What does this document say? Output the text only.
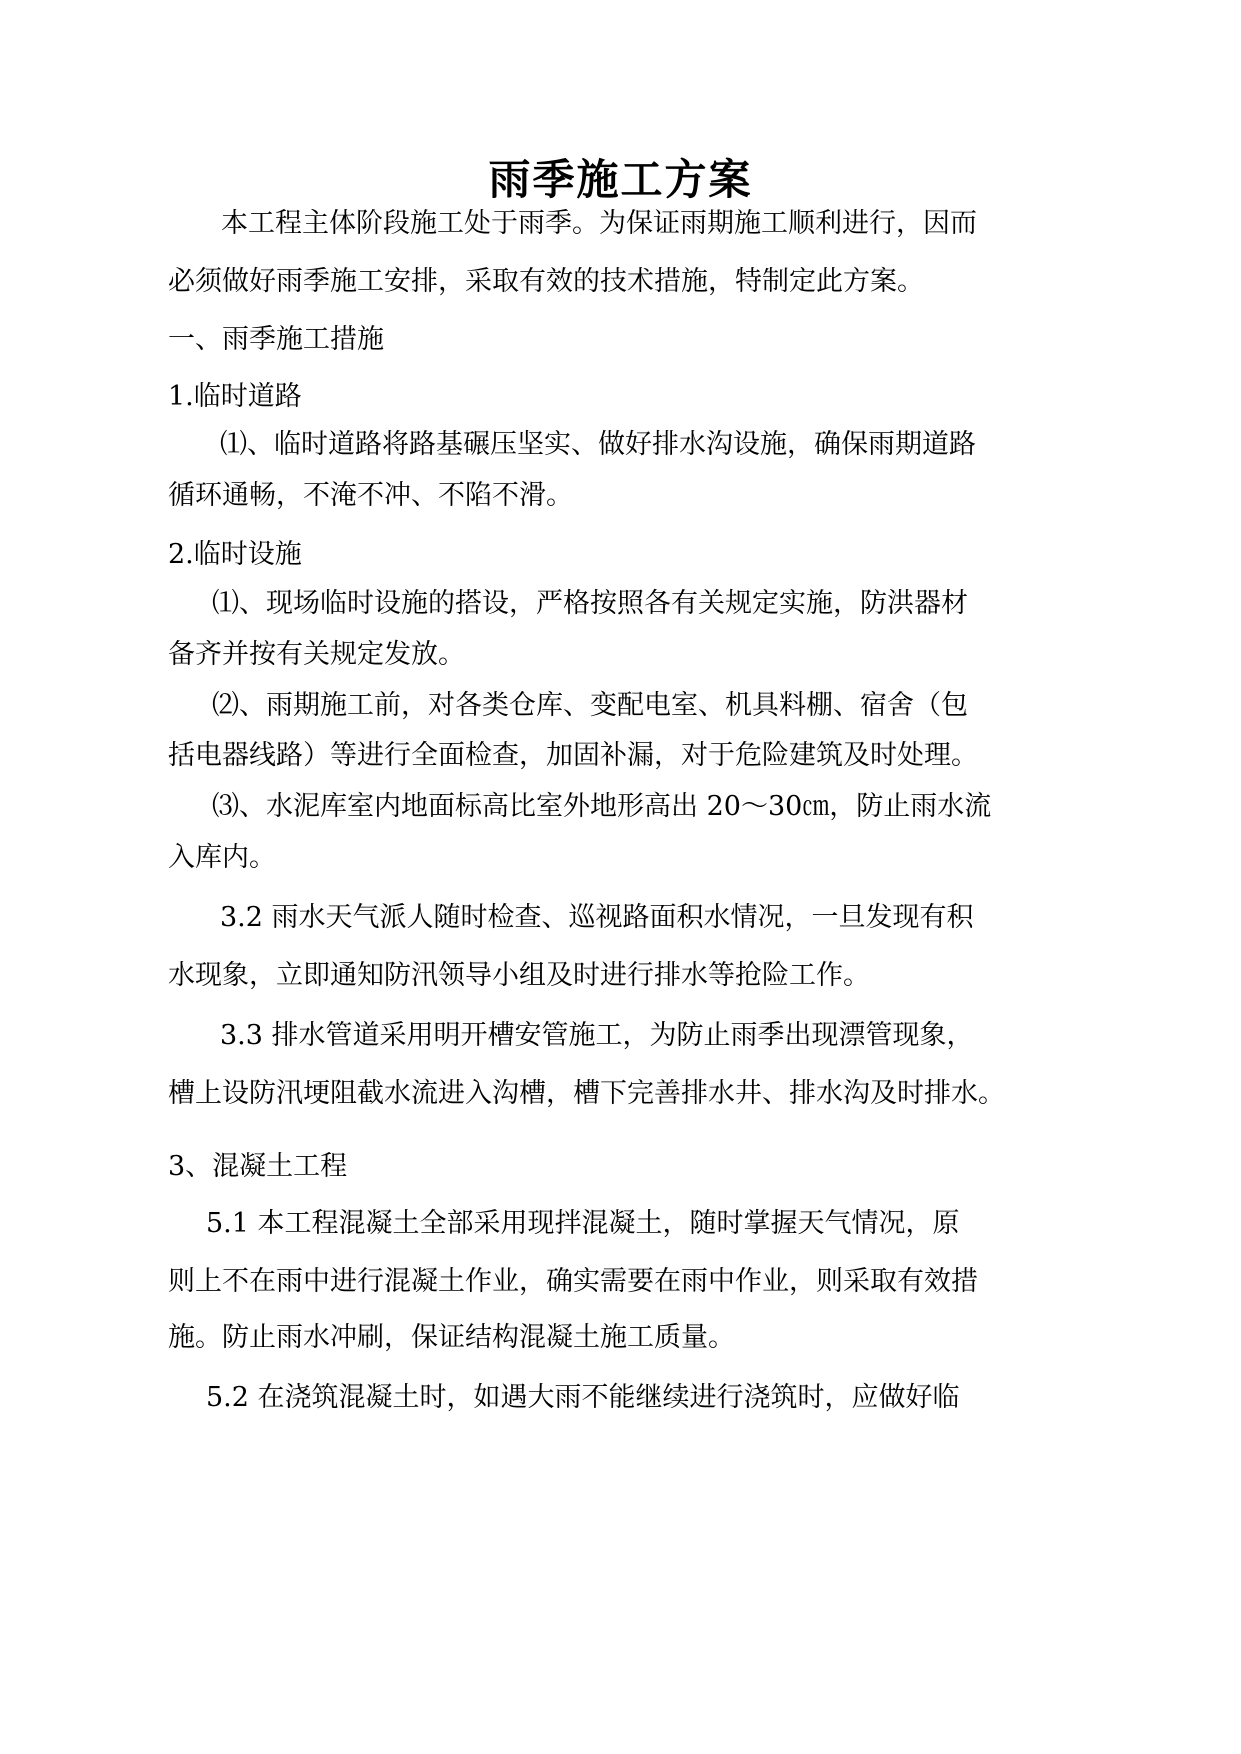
雨季施工方案
本工程主体阶段施工处于雨季。为保证雨期施工顺利进行，因而
必须做好雨季施工安排，采取有效的技术措施，特制定此方案。
一、雨季施工措施
1.临时道路
⑴、临时道路将路基碾压坚实、做好排水沟设施，确保雨期道路
循环通畅，不淹不冲、不陷不滑。
2.临时设施
⑴、现场临时设施的搭设，严格按照各有关规定实施，防洪器材
备齐并按有关规定发放。
⑵、雨期施工前，对各类仓库、变配电室、机具料棚、宿舍（包
括电器线路）等进行全面检查，加固补漏，对于危险建筑及时处理。
⑶、水泥库室内地面标高比室外地形高出 20～30㎝，防止雨水流
入库内。
3.2 雨水天气派人随时检查、巡视路面积水情况，一旦发现有积
水现象，立即通知防汛领导小组及时进行排水等抢险工作。
3.3 排水管道采用明开槽安管施工，为防止雨季出现漂管现象，
槽上设防汛埂阻截水流进入沟槽，槽下完善排水井、排水沟及时排水。
3、混凝土工程
5.1 本工程混凝土全部采用现拌混凝土，随时掌握天气情况，原
则上不在雨中进行混凝土作业，确实需要在雨中作业，则采取有效措
施。防止雨水冲刷，保证结构混凝土施工质量。
5.2 在浇筑混凝土时，如遇大雨不能继续进行浇筑时，应做好临
